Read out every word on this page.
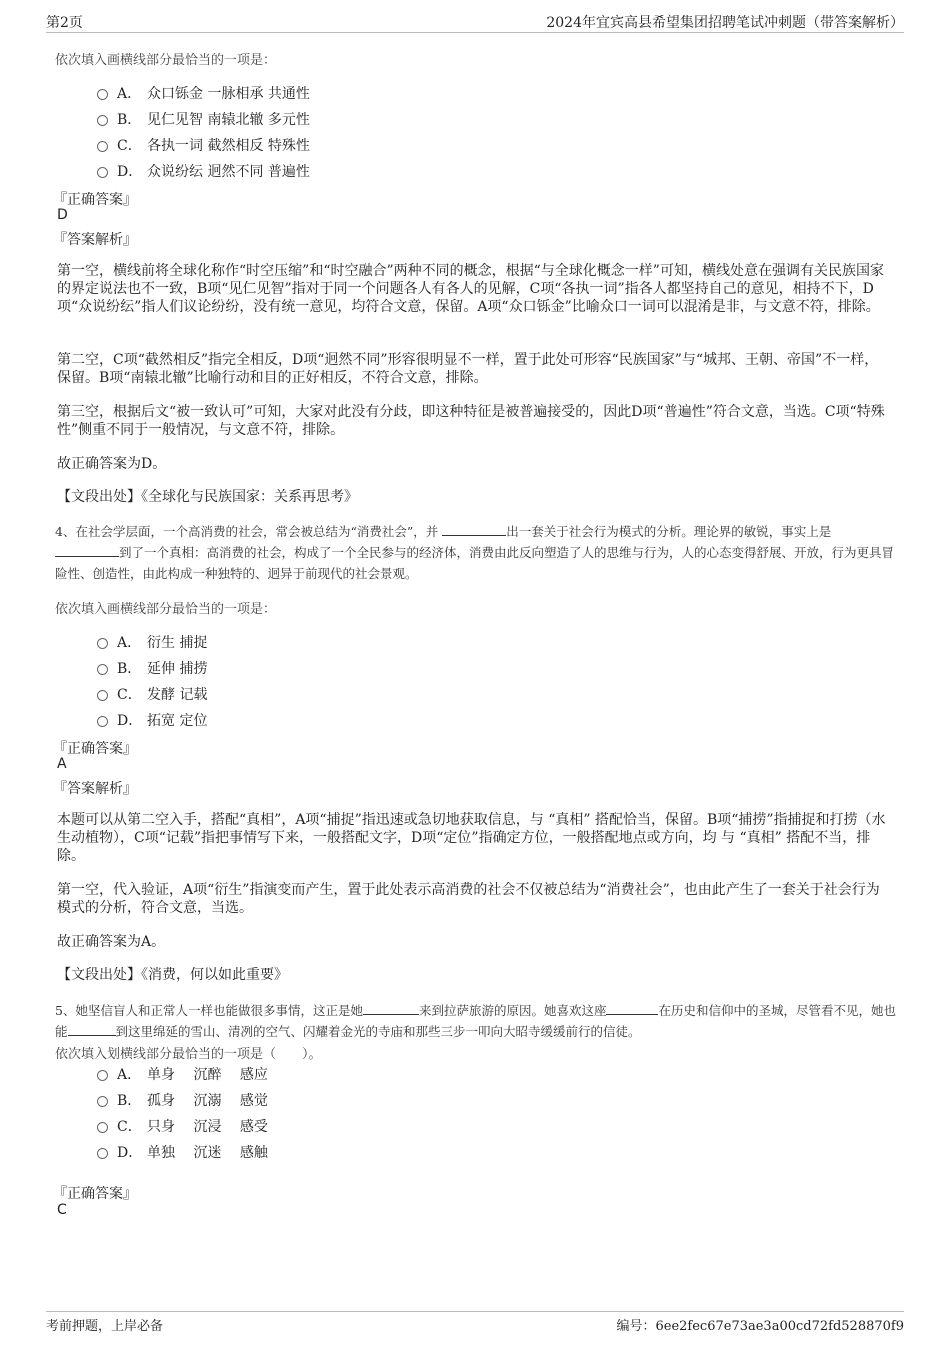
第2页	2024年宜宾高县希望集团招聘笔试冲刺题（带答案解析）
依次填入画横线部分最恰当的一项是：
A． 众口铄金 一脉相承 共通性
B． 见仁见智 南辕北辙 多元性
C． 各执一词 截然相反 特殊性
D． 众说纷纭 迥然不同 普遍性
『正确答案』
D
『答案解析』
第一空，横线前将全球化称作“时空压缩”和“时空融合”两种不同的概念，根据“与全球化概念一样”可知，横线处意在强调有关民族国家的界定说法也不一致，B项“见仁见智”指对于同一个问题各人有各人的见解，C项“各执一词”指各人都坚持自己的意见，相持不下，D项“众说纷纭”指人们议论纷纷，没有统一意见，均符合文意，保留。A项“众口铄金”比喻众口一词可以混淆是非，与文意不符，排除。
第二空，C项“截然相反”指完全相反，D项“迥然不同”形容很明显不一样，置于此处可形容“民族国家”与“城邦、王朝、帝国”不一样，保留。B项“南辕北辙”比喻行动和目的正好相反，不符合文意，排除。
第三空，根据后文“被一致认可”可知，大家对此没有分歧，即这种特征是被普遍接受的，因此D项“普遍性”符合文意，当选。C项“特殊性”侧重不同于一般情况，与文意不符，排除。
故正确答案为D。
【文段出处】《全球化与民族国家：关系再思考》
4、在社会学层面，一个高消费的社会，常会被总结为“消费社会”，并	出一套关于社会行为模式的分析。理论界的敏锐，事实上是
到了一个真相：高消费的社会，构成了一个全民参与的经济体，消费由此反向塑造了人的思维与行为，人的心态变得舒展、开放，行为更具冒险性、创造性，由此构成一种独特的、迥异于前现代的社会景观。
依次填入画横线部分最恰当的一项是：
A． 衍生 捕捉
B． 延伸 捕捞
C． 发酵 记载
D． 拓宽 定位
『正确答案』
A
『答案解析』
本题可以从第二空入手，搭配“真相”，A项“捕捉”指迅速或急切地获取信息，与 “真相” 搭配恰当，保留。B项“捕捞”指捕捉和打捞（水生动植物），C项“记载”指把事情写下来，一般搭配文字，D项“定位”指确定方位，一般搭配地点或方向，均 与 “真相” 搭配不当，排除。
第一空，代入验证，A项“衍生”指演变而产生，置于此处表示高消费的社会不仅被总结为“消费社会”，也由此产生了一套关于社会行为模式的分析，符合文意，当选。
故正确答案为A。
【文段出处】《消费，何以如此重要》
5、她坚信盲人和正常人一样也能做很多事情，这正是她	来到拉萨旅游的原因。她喜欢这座	在历史和信仰中的圣城，尽管看不见，她也能	到这里绵延的雪山、清冽的空气、闪耀着金光的寺庙和那些三步一叩向大昭寺缓缓前行的信徒。
依次填入划横线部分最恰当的一项是（　　）。
A． 单身　 沉醉　 感应
B． 孤身　 沉溺　 感觉
C． 只身　 沉浸　 感受
D． 单独　 沉迷　 感触
『正确答案』
C
考前押题，上岸必备	编号：6ee2fec67e73ae3a00cd72fd528870f9
